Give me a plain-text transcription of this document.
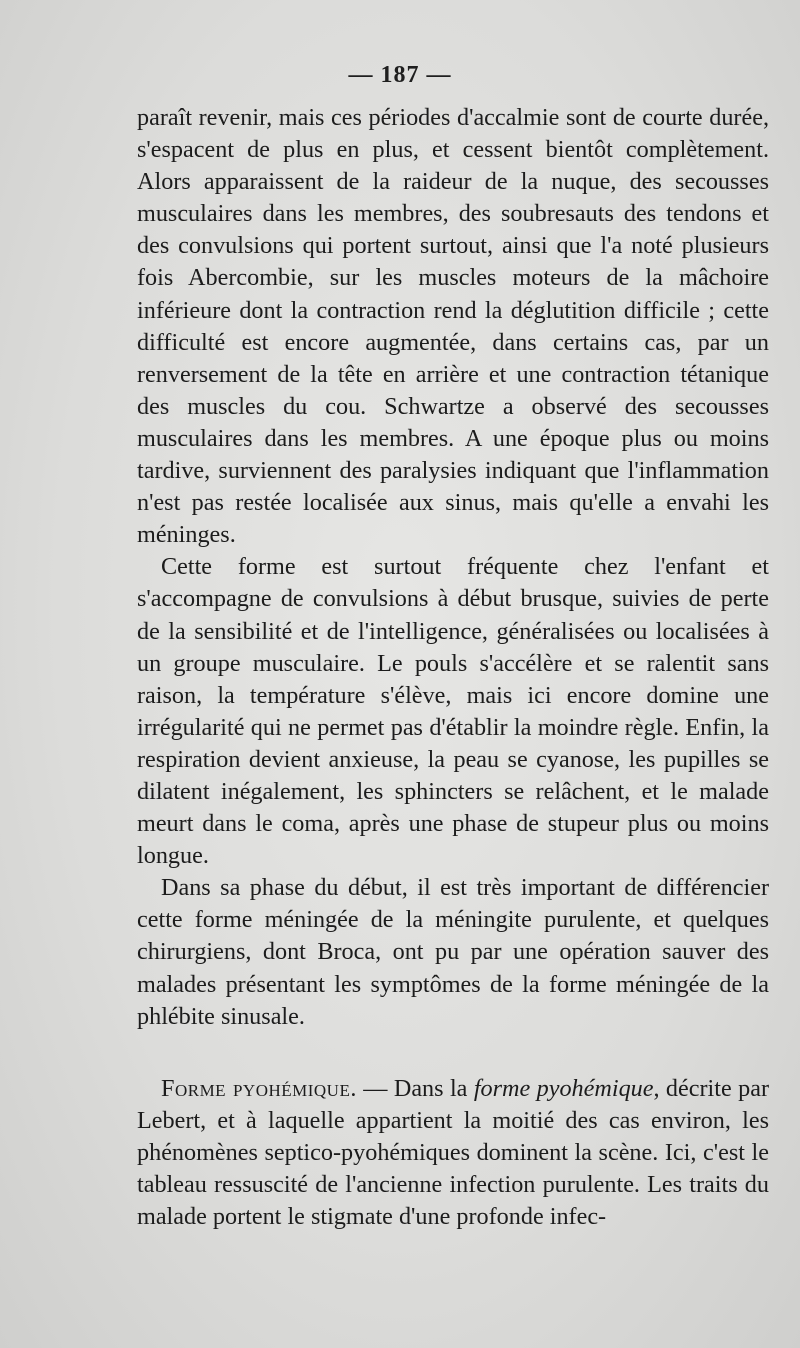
— 187 —

paraît revenir, mais ces périodes d'accalmie sont de courte durée, s'espacent de plus en plus, et cessent bientôt complètement. Alors apparaissent de la raideur de la nuque, des secousses musculaires dans les membres, des soubresauts des tendons et des convulsions qui portent surtout, ainsi que l'a noté plusieurs fois Abercombie, sur les muscles moteurs de la mâchoire inférieure dont la contraction rend la déglutition difficile ; cette difficulté est encore augmentée, dans certains cas, par un renversement de la tête en arrière et une contraction tétanique des muscles du cou. Schwartze a observé des secousses musculaires dans les membres. A une époque plus ou moins tardive, surviennent des paralysies indiquant que l'inflammation n'est pas restée localisée aux sinus, mais qu'elle a envahi les méninges.

Cette forme est surtout fréquente chez l'enfant et s'accompagne de convulsions à début brusque, suivies de perte de la sensibilité et de l'intelligence, généralisées ou localisées à un groupe musculaire. Le pouls s'accélère et se ralentit sans raison, la température s'élève, mais ici encore domine une irrégularité qui ne permet pas d'établir la moindre règle. Enfin, la respiration devient anxieuse, la peau se cyanose, les pupilles se dilatent inégalement, les sphincters se relâchent, et le malade meurt dans le coma, après une phase de stupeur plus ou moins longue.

Dans sa phase du début, il est très important de différencier cette forme méningée de la méningite purulente, et quelques chirurgiens, dont Broca, ont pu par une opération sauver des malades présentant les symptômes de la forme méningée de la phlébite sinusale.

Forme pyohémique. — Dans la forme pyohémique, décrite par Lebert, et à laquelle appartient la moitié des cas environ, les phénomènes septico-pyohémiques dominent la scène. Ici, c'est le tableau ressuscité de l'ancienne infection purulente. Les traits du malade portent le stigmate d'une profonde infec-
